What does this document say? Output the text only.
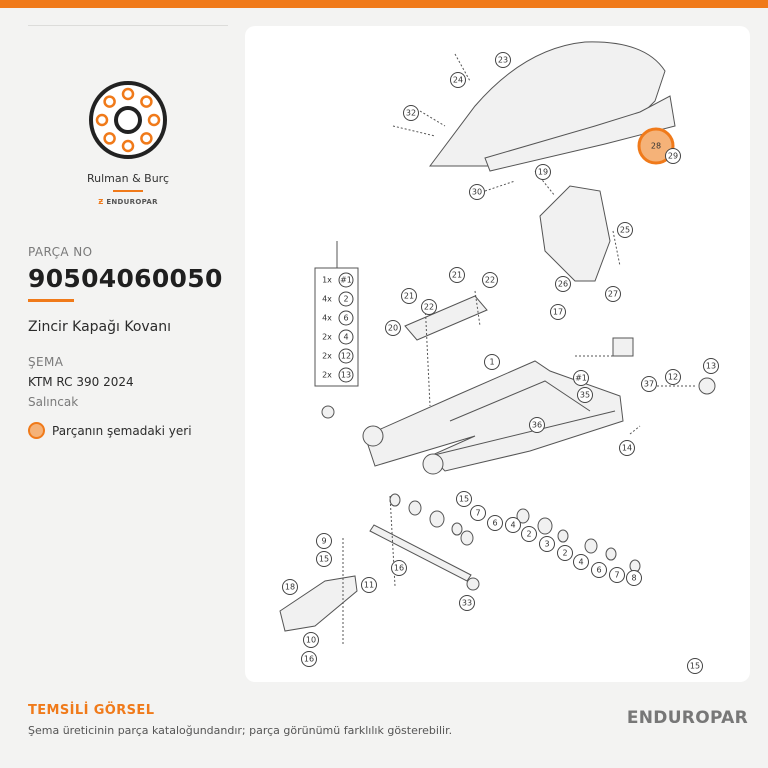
Rulman & Burç
Ƶ ENDUROPAR
PARÇA NO
90504060050
Zincir Kapağı Kovanı
ŞEMA
KTM RC 390 2024
Salıncak
Parçanın şemadaki yeri
1x #1
4x 2
4x 6
2x 4
2x 12
2x 13
23
24
32
28
29
19
30
25
26
27
17
21
22
21
22
20
1
#1
35
36
37
12
13
14
15
7
6 4
2
3
2
4
6
7 8
9
15
16
11
18
33
10
16
15
TEMSİLİ GÖRSEL
Şema üreticinin parça kataloğundandır; parça görünümü farklılık gösterebilir.
ENDUROPAR
